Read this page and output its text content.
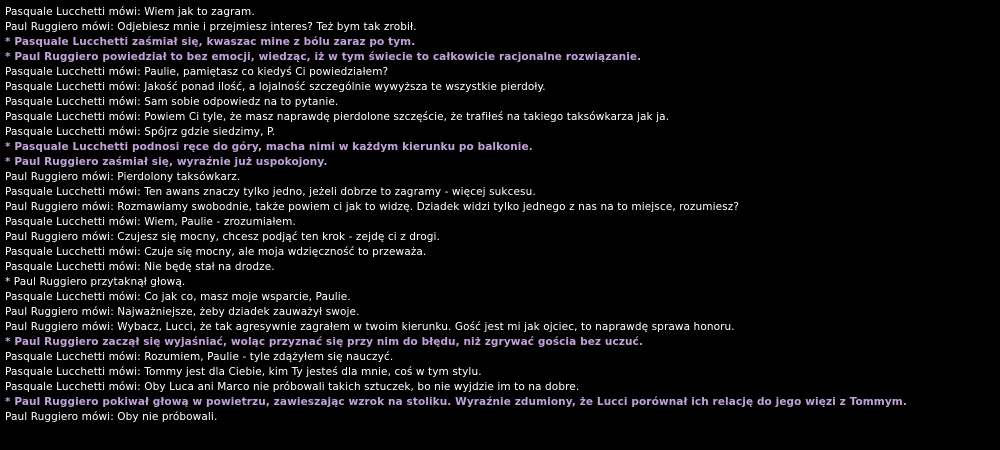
Pasquale Lucchetti mówi: Wiem jak to zagram.
Paul Ruggiero mówi: Odjebiesz mnie i przejmiesz interes? Też bym tak zrobił.
* Pasquale Lucchetti zaśmiał się, kwaszac mine z bólu zaraz po tym.
* Paul Ruggiero powiedział to bez emocji, wiedząc, iż w tym świecie to całkowicie racjonalne rozwiązanie.
Pasquale Lucchetti mówi: Paulie, pamiętasz co kiedyś Ci powiedziałem?
Pasquale Lucchetti mówi: Jakość ponad ilość, a lojalność szczególnie wywyższa te wszystkie pierdoły.
Pasquale Lucchetti mówi: Sam sobie odpowiedz na to pytanie.
Pasquale Lucchetti mówi: Powiem Ci tyle, że masz naprawdę pierdolone szczęście, że trafiłeś na takiego taksówkarza jak ja.
Pasquale Lucchetti mówi: Spójrz gdzie siedzimy, P.
* Pasquale Lucchetti podnosi ręce do góry, macha nimi w każdym kierunku po balkonie.
* Paul Ruggiero zaśmiał się, wyraźnie już uspokojony.
Paul Ruggiero mówi: Pierdolony taksówkarz.
Pasquale Lucchetti mówi: Ten awans znaczy tylko jedno, jeżeli dobrze to zagramy - więcej sukcesu.
Paul Ruggiero mówi: Rozmawiamy swobodnie, także powiem ci jak to widzę. Dziadek widzi tylko jednego z nas na to miejsce, rozumiesz?
Pasquale Lucchetti mówi: Wiem, Paulie - zrozumiałem.
Paul Ruggiero mówi: Czujesz się mocny, chcesz podjąć ten krok - zejdę ci z drogi.
Pasquale Lucchetti mówi: Czuje się mocny, ale moja wdzięczność to przeważa.
Pasquale Lucchetti mówi: Nie będę stał na drodze.
* Paul Ruggiero przytaknął głową.
Pasquale Lucchetti mówi: Co jak co, masz moje wsparcie, Paulie.
Paul Ruggiero mówi: Najważniejsze, żeby dziadek zauważył swoje.
Paul Ruggiero mówi: Wybacz, Lucci, że tak agresywnie zagrałem w twoim kierunku. Gość jest mi jak ojciec, to naprawdę sprawa honoru.
* Paul Ruggiero zaczął się wyjaśniać, woląc przyznać się przy nim do błędu, niż zgrywać gościa bez uczuć.
Pasquale Lucchetti mówi: Rozumiem, Paulie - tyle zdążyłem się nauczyć.
Pasquale Lucchetti mówi: Tommy jest dla Ciebie, kim Ty jesteś dla mnie, coś w tym stylu.
Pasquale Lucchetti mówi: Oby Luca ani Marco nie próbowali takich sztuczek, bo nie wyjdzie im to na dobre.
* Paul Ruggiero pokiwał głową w powietrzu, zawieszając wzrok na stoliku. Wyraźnie zdumiony, że Lucci porównał ich relację do jego więzi z Tommym.
Paul Ruggiero mówi: Oby nie próbowali.
